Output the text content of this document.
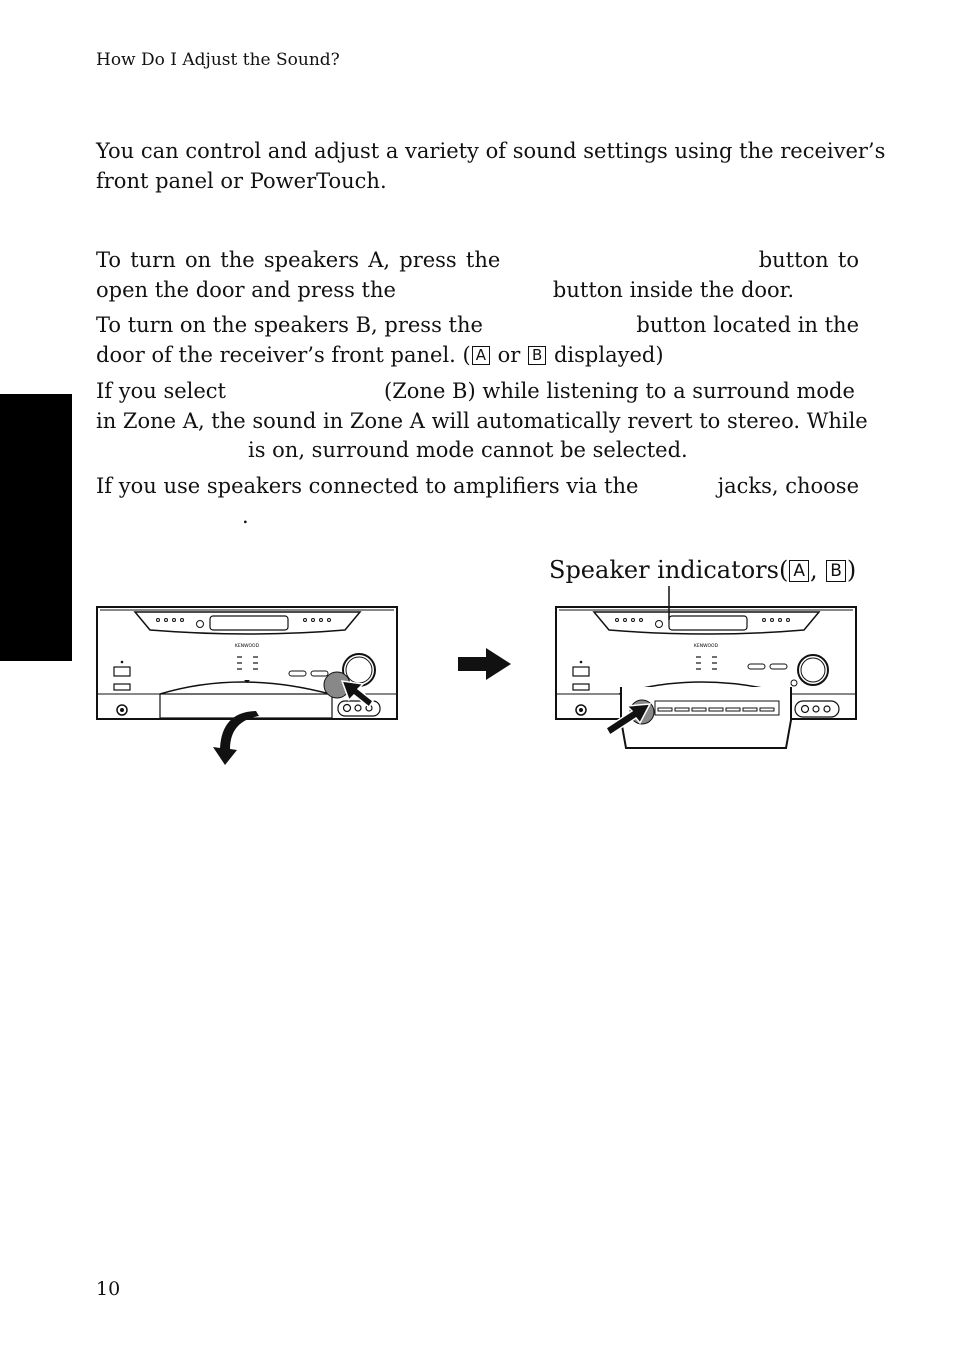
How Do I Adjust the Sound?
You can control and adjust a variety of sound settings using the receiver’s
front panel or PowerTouch.
To turn on the speakers A, press the	button to
open the door and press the	button inside the door.
To turn on the speakers B, press the	button located in the
door of the receiver’s front panel. ( A or B displayed)
If you select	(Zone B) while listening to a surround mode
in Zone A, the sound in Zone A will automatically revert to stereo. While
is on, surround mode cannot be selected.
If you use speakers connected to amplifiers via the	jacks, choose
.
Speaker indicators( A , B )
KENWOOD	KENWOOD
10
